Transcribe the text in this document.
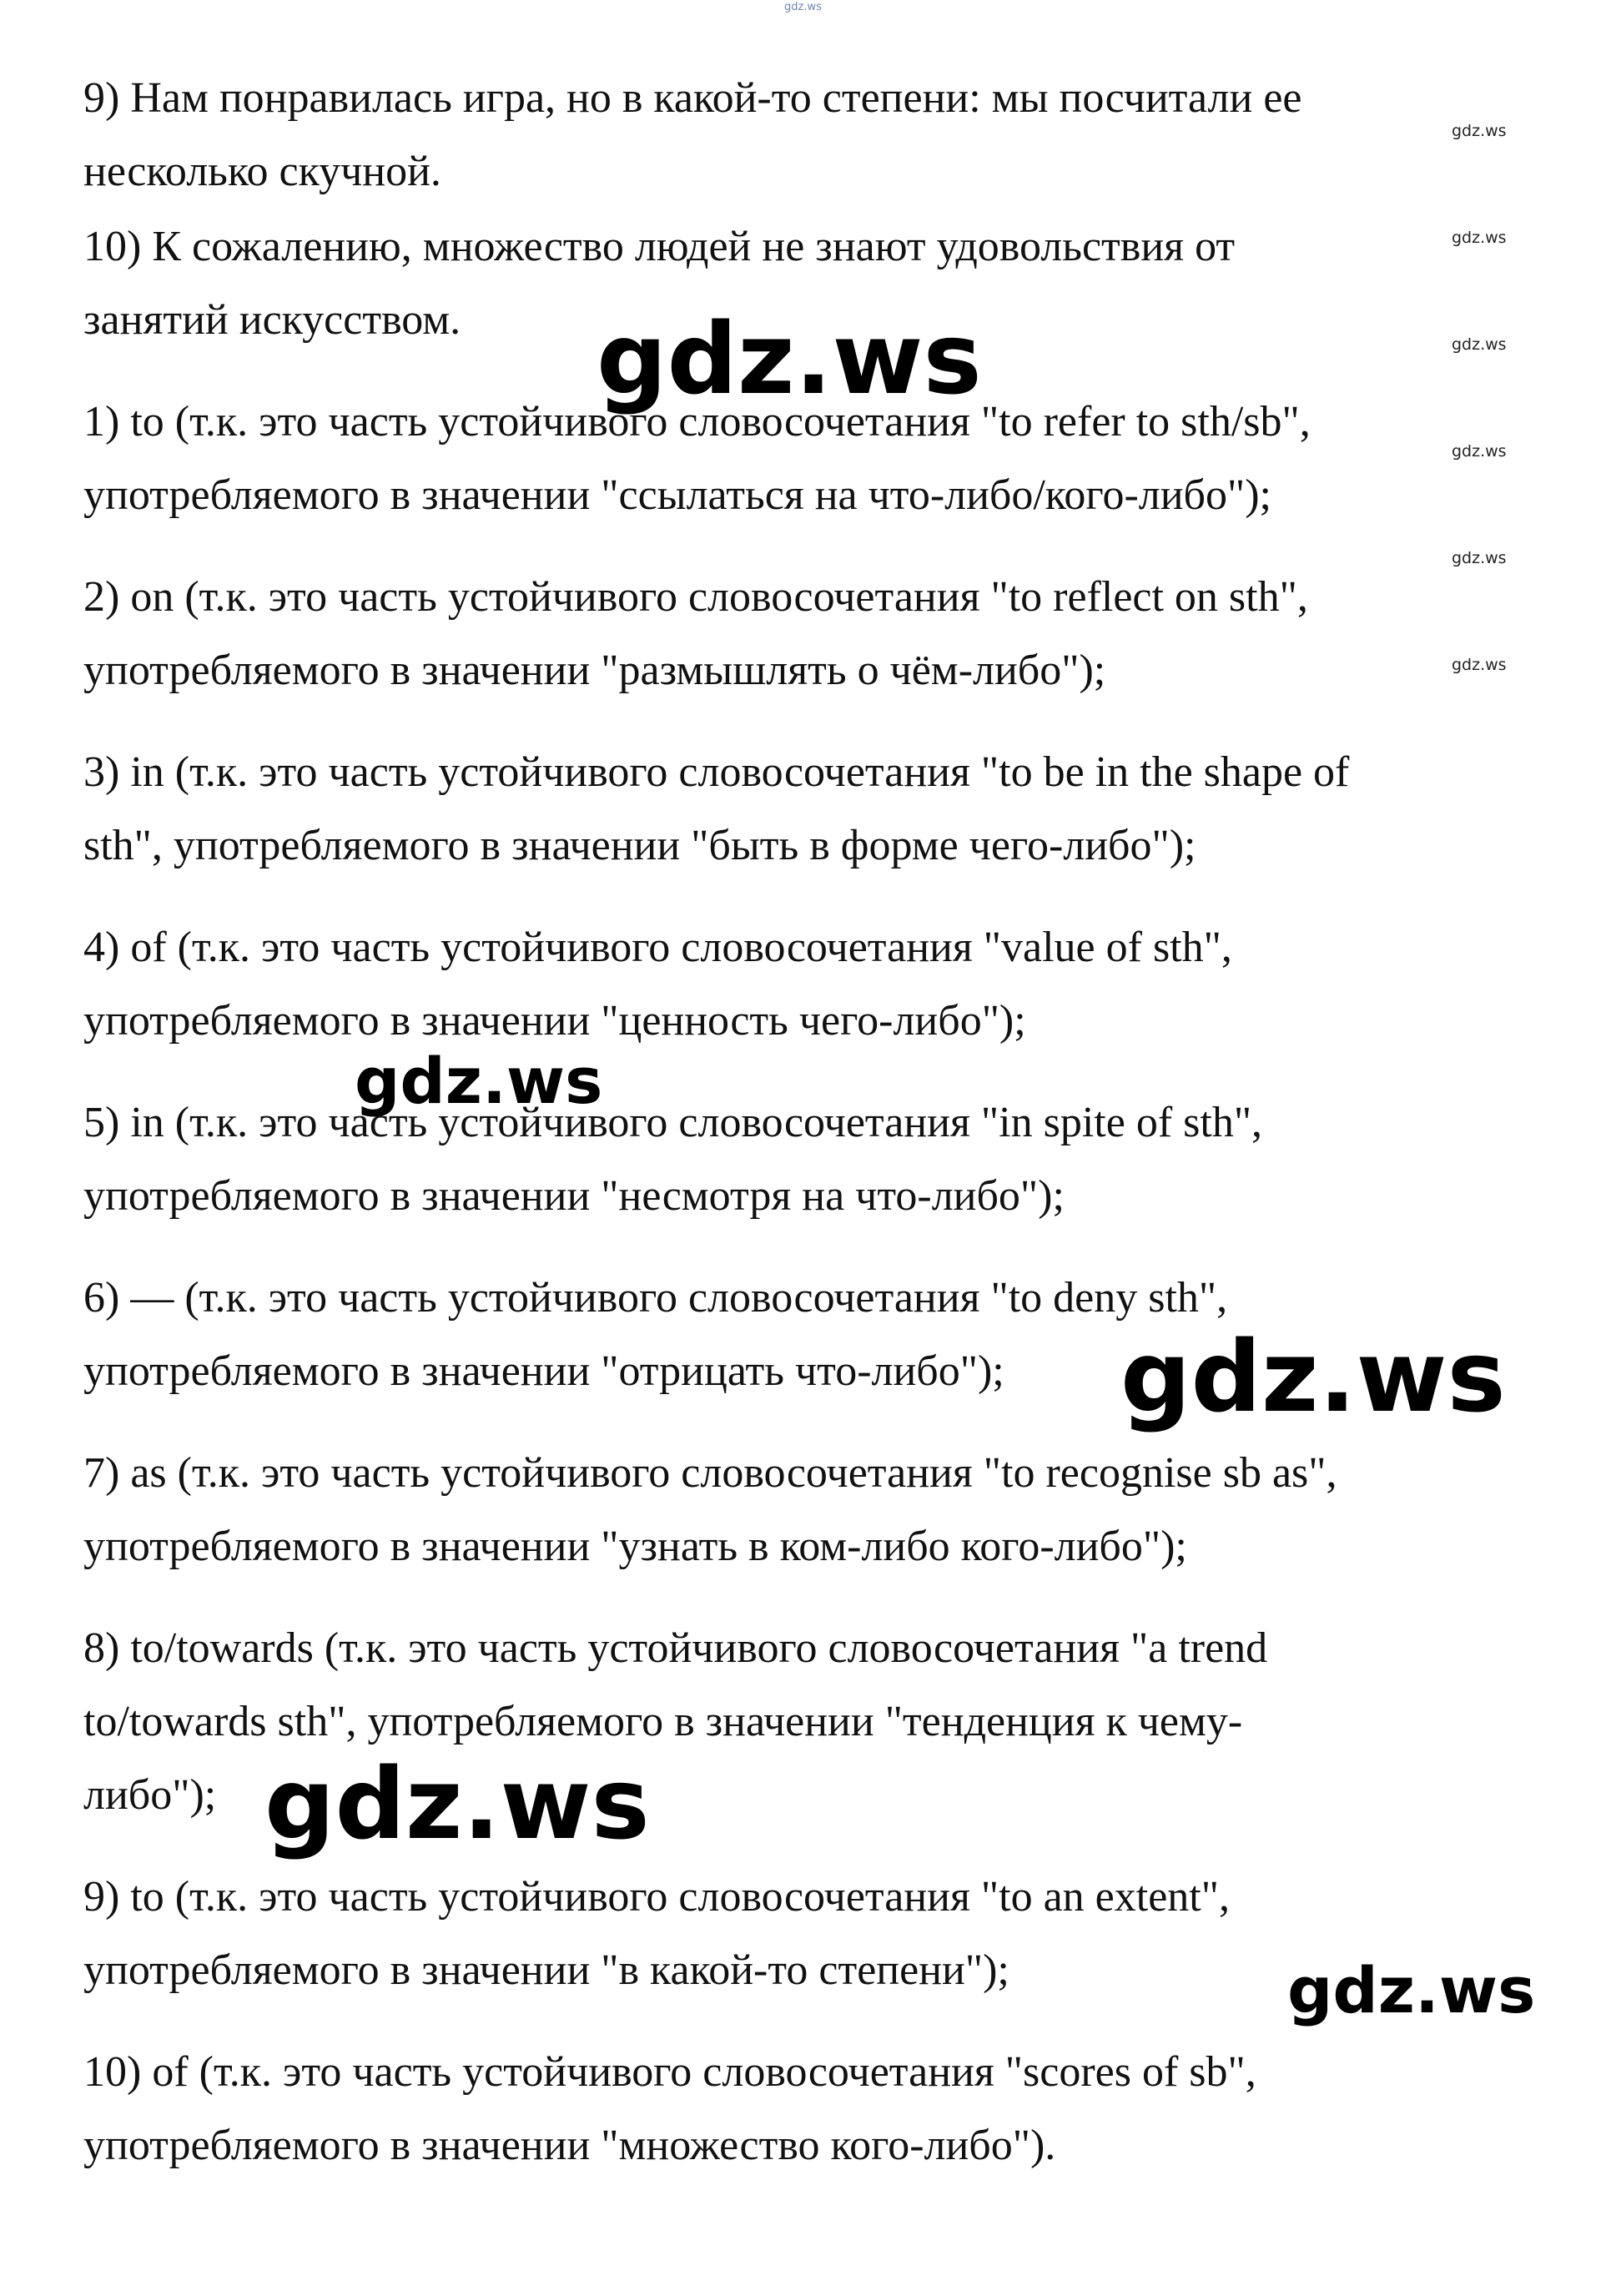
gdz.ws

9) Нам понравилась игра, но в какой-то степени: мы посчитали ее
несколько скучной.

10) К сожалению, множество людей не знают удовольствия от
занятий искусством.

1) to (т.к. это часть устойчивого словосочетания "to refer to sth/sb",
употребляемого в значении "ссылаться на что-либо/кого-либо");

2) on (т.к. это часть устойчивого словосочетания "to reflect on sth",
употребляемого в значении "размышлять о чём-либо");

3) in (т.к. это часть устойчивого словосочетания "to be in the shape of
sth", употребляемого в значении "быть в форме чего-либо");

4) of (т.к. это часть устойчивого словосочетания "value of sth",
употребляемого в значении "ценность чего-либо");

5) in (т.к. это часть устойчивого словосочетания "in spite of sth",
употребляемого в значении "несмотря на что-либо");

6) — (т.к. это часть устойчивого словосочетания "to deny sth",
употребляемого в значении "отрицать что-либо");

7) as (т.к. это часть устойчивого словосочетания "to recognise sb as",
употребляемого в значении "узнать в ком-либо кого-либо");

8) to/towards (т.к. это часть устойчивого словосочетания "a trend
to/towards sth", употребляемого в значении "тенденция к чему-
либо");

9) to (т.к. это часть устойчивого словосочетания "to an extent",
употребляемого в значении "в какой-то степени");

10) of (т.к. это часть устойчивого словосочетания "scores of sb",
употребляемого в значении "множество кого-либо").

gdz.ws
gdz.ws
gdz.ws
gdz.ws
gdz.ws
gdz.ws
gdz.ws
gdz.ws
gdz.ws
gdz.ws
gdz.ws
